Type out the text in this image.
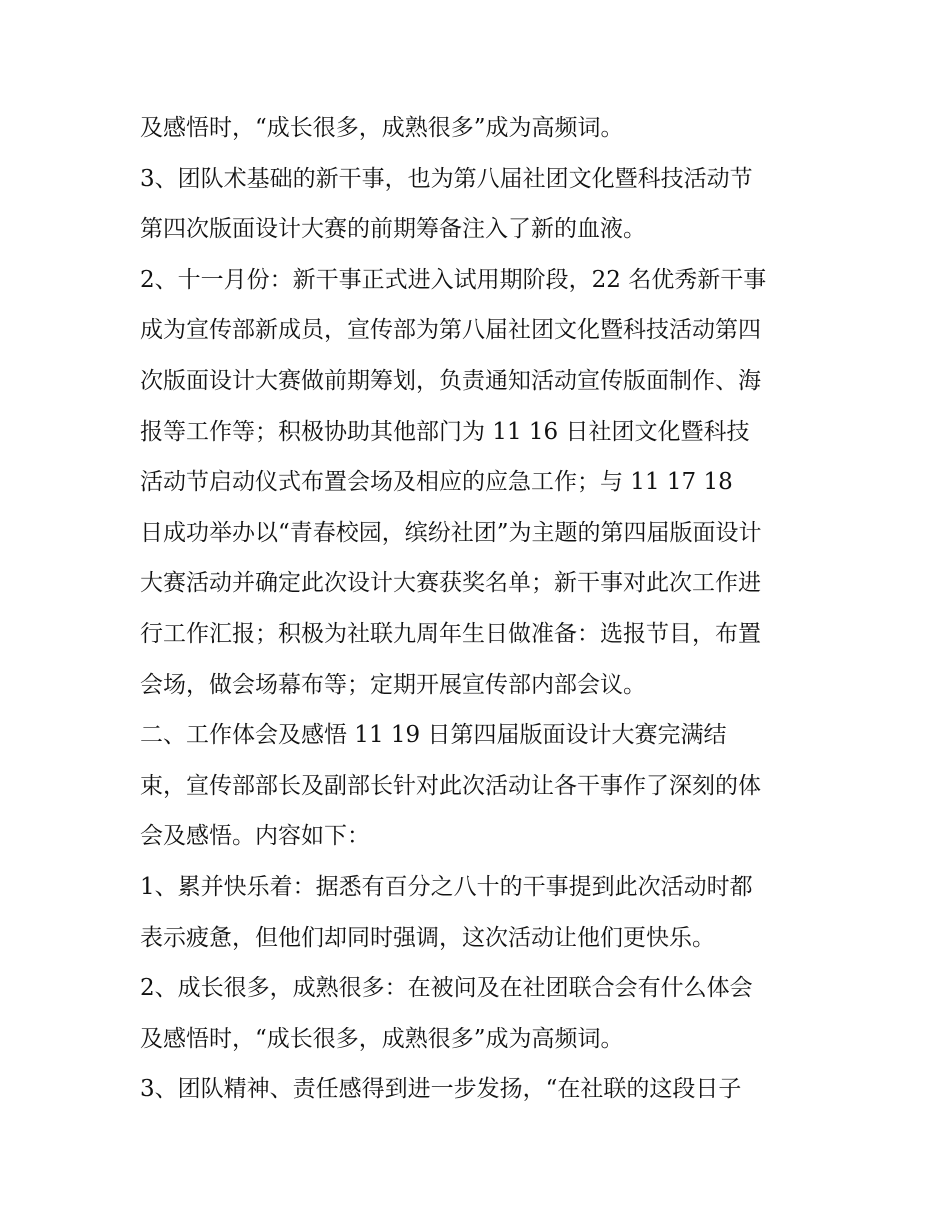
及感悟时，“成长很多，成熟很多”成为高频词。
3、团队术基础的新干事，也为第八届社团文化暨科技活动节
第四次版面设计大赛的前期筹备注入了新的血液。
2、十一月份：新干事正式进入试用期阶段，22 名优秀新干事
成为宣传部新成员，宣传部为第八届社团文化暨科技活动第四
次版面设计大赛做前期筹划，负责通知活动宣传版面制作、海
报等工作等；积极协助其他部门为 11 16 日社团文化暨科技
活动节启动仪式布置会场及相应的应急工作；与 11 17 18
日成功举办以“青春校园，缤纷社团”为主题的第四届版面设计
大赛活动并确定此次设计大赛获奖名单；新干事对此次工作进
行工作汇报；积极为社联九周年生日做准备：选报节目，布置
会场，做会场幕布等；定期开展宣传部内部会议。
二、工作体会及感悟 11 19 日第四届版面设计大赛完满结
束，宣传部部长及副部长针对此次活动让各干事作了深刻的体
会及感悟。内容如下：
1、累并快乐着：据悉有百分之八十的干事提到此次活动时都
表示疲惫，但他们却同时强调，这次活动让他们更快乐。
2、成长很多，成熟很多：在被问及在社团联合会有什么体会
及感悟时，“成长很多，成熟很多”成为高频词。
3、团队精神、责任感得到进一步发扬，“在社联的这段日子
